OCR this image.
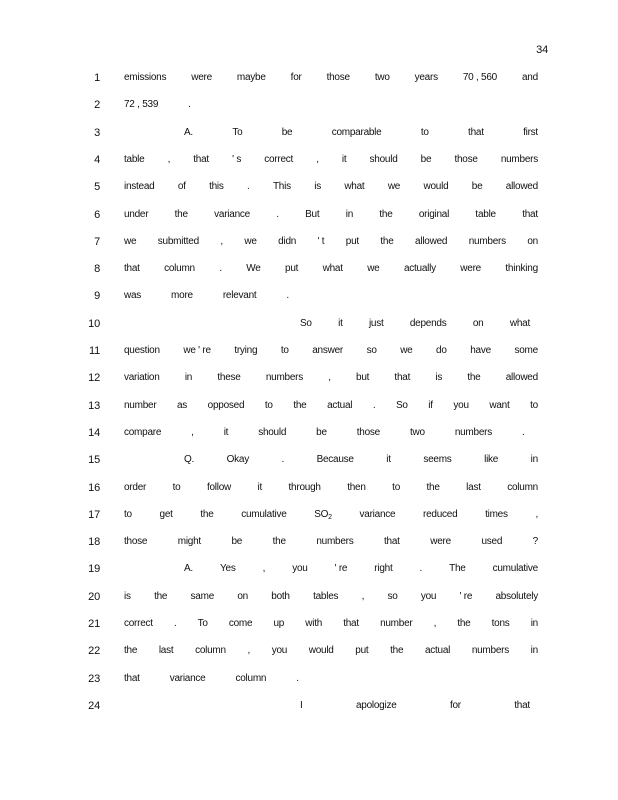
34
1 emissions	were	maybe	for	those	two	years	70 , 560	and
2 72 , 539	.
3	A.	To	be	comparable	to	that	first
4 table , that ' s correct , it should be those numbers
5 instead of this . This is what we would be allowed
6 under	the	variance	.	But	in	the	original	table	that
7 we submitted , we didn ' t put the allowed numbers on
8 that column . We put what we actually were thinking
9 was	more	relevant	.
10	So	it	just	depends	on	what
11 question we ' re trying to answer so we do have some
12 variation	in	these	numbers	,	but	that	is	the	allowed
13 number as opposed to the actual . So if you want to
14 compare	,	it	should	be	those	two	numbers	.
15	Q.	Okay	.	Because	it	seems	like	in
16 order	to	follow	it	through	then	to	the	last	column
17 to	get	the	cumulative	$SO_2$	variance	reduced	times	,
18 those	might	be	the	numbers	that	were	used	?
19	A.	Yes	,	you	' re	right	.	The	cumulative
20 is the same on both tables , so you ' re absolutely
21 correct . To come up with that number , the tons in
22 the last column , you would put the actual numbers in
23 that	variance	column	.
24	I	apologize	for	that
